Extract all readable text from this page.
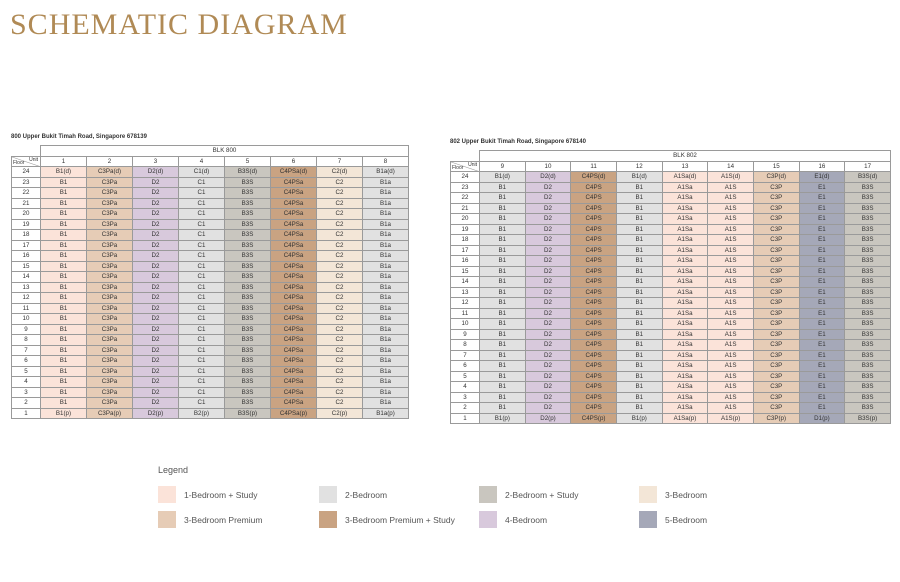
SCHEMATIC DIAGRAM
800 Upper Bukit Timah Road, Singapore 678139
	BLK 800							

Unit
Floor	1	2	3	4	5	6	7	8
24	B1(d)	C3Pa(d)	D2(d)	C1(d)	B3S(d)	C4PSa(d)	C2(d)	B1a(d)
23	B1	C3Pa	D2	C1	B3S	C4PSa	C2	B1a
22	B1	C3Pa	D2	C1	B3S	C4PSa	C2	B1a
21	B1	C3Pa	D2	C1	B3S	C4PSa	C2	B1a
20	B1	C3Pa	D2	C1	B3S	C4PSa	C2	B1a
19	B1	C3Pa	D2	C1	B3S	C4PSa	C2	B1a
18	B1	C3Pa	D2	C1	B3S	C4PSa	C2	B1a
17	B1	C3Pa	D2	C1	B3S	C4PSa	C2	B1a
16	B1	C3Pa	D2	C1	B3S	C4PSa	C2	B1a
15	B1	C3Pa	D2	C1	B3S	C4PSa	C2	B1a
14	B1	C3Pa	D2	C1	B3S	C4PSa	C2	B1a
13	B1	C3Pa	D2	C1	B3S	C4PSa	C2	B1a
12	B1	C3Pa	D2	C1	B3S	C4PSa	C2	B1a
11	B1	C3Pa	D2	C1	B3S	C4PSa	C2	B1a
10	B1	C3Pa	D2	C1	B3S	C4PSa	C2	B1a
9	B1	C3Pa	D2	C1	B3S	C4PSa	C2	B1a
8	B1	C3Pa	D2	C1	B3S	C4PSa	C2	B1a
7	B1	C3Pa	D2	C1	B3S	C4PSa	C2	B1a
6	B1	C3Pa	D2	C1	B3S	C4PSa	C2	B1a
5	B1	C3Pa	D2	C1	B3S	C4PSa	C2	B1a
4	B1	C3Pa	D2	C1	B3S	C4PSa	C2	B1a
3	B1	C3Pa	D2	C1	B3S	C4PSa	C2	B1a
2	B1	C3Pa	D2	C1	B3S	C4PSa	C2	B1a
1	B1(p)	C3Pa(p)	D2(p)	B2(p)	B3S(p)	C4PSa(p)	C2(p)	B1a(p)
802 Upper Bukit Timah Road, Singapore 678140
	BLK 802								

Unit
Floor	9	10	11	12	13	14	15	16	17
24	B1(d)	D2(d)	C4PS(d)	B1(d)	A1Sa(d)	A1S(d)	C3P(d)	E1(d)	B3S(d)
23	B1	D2	C4PS	B1	A1Sa	A1S	C3P	E1	B3S
22	B1	D2	C4PS	B1	A1Sa	A1S	C3P	E1	B3S
21	B1	D2	C4PS	B1	A1Sa	A1S	C3P	E1	B3S
20	B1	D2	C4PS	B1	A1Sa	A1S	C3P	E1	B3S
19	B1	D2	C4PS	B1	A1Sa	A1S	C3P	E1	B3S
18	B1	D2	C4PS	B1	A1Sa	A1S	C3P	E1	B3S
17	B1	D2	C4PS	B1	A1Sa	A1S	C3P	E1	B3S
16	B1	D2	C4PS	B1	A1Sa	A1S	C3P	E1	B3S
15	B1	D2	C4PS	B1	A1Sa	A1S	C3P	E1	B3S
14	B1	D2	C4PS	B1	A1Sa	A1S	C3P	E1	B3S
13	B1	D2	C4PS	B1	A1Sa	A1S	C3P	E1	B3S
12	B1	D2	C4PS	B1	A1Sa	A1S	C3P	E1	B3S
11	B1	D2	C4PS	B1	A1Sa	A1S	C3P	E1	B3S
10	B1	D2	C4PS	B1	A1Sa	A1S	C3P	E1	B3S
9	B1	D2	C4PS	B1	A1Sa	A1S	C3P	E1	B3S
8	B1	D2	C4PS	B1	A1Sa	A1S	C3P	E1	B3S
7	B1	D2	C4PS	B1	A1Sa	A1S	C3P	E1	B3S
6	B1	D2	C4PS	B1	A1Sa	A1S	C3P	E1	B3S
5	B1	D2	C4PS	B1	A1Sa	A1S	C3P	E1	B3S
4	B1	D2	C4PS	B1	A1Sa	A1S	C3P	E1	B3S
3	B1	D2	C4PS	B1	A1Sa	A1S	C3P	E1	B3S
2	B1	D2	C4PS	B1	A1Sa	A1S	C3P	E1	B3S
1	B1(p)	D2(p)	C4PS(p)	B1(p)	A1Sa(p)	A1S(p)	C3P(p)	D1(p)	B3S(p)
Legend
1-Bedroom + Study	2-Bedroom	2-Bedroom + Study	3-Bedroom
3-Bedroom Premium	3-Bedroom Premium + Study	4-Bedroom	5-Bedroom
